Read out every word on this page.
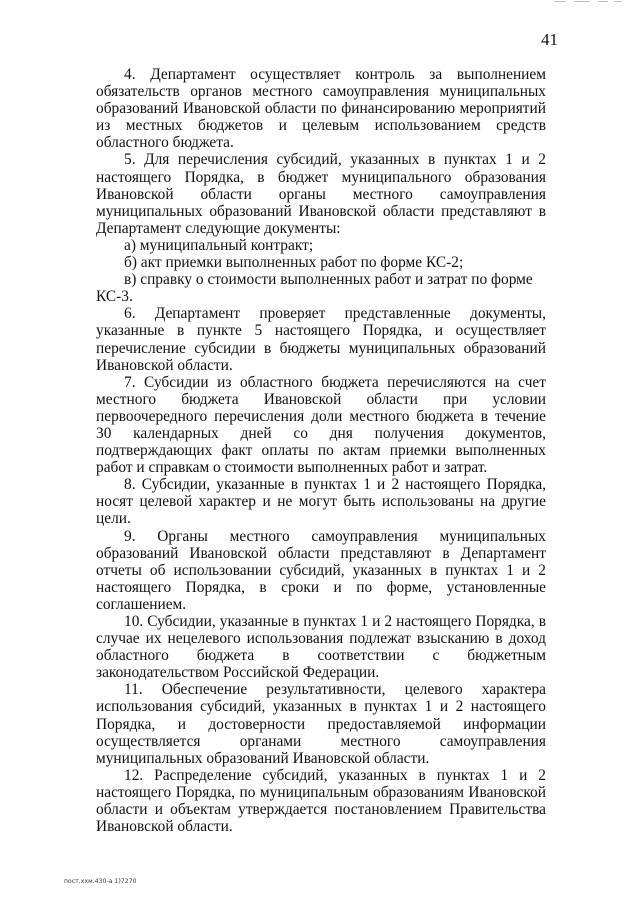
41

4. Департамент осуществляет контроль за выполнением обязательств органов местного самоуправления муниципальных образований Ивановской области по финансированию мероприятий из местных бюджетов и целевым использованием средств областного бюджета.

5. Для перечисления субсидий, указанных в пунктах 1 и 2 настоящего Порядка, в бюджет муниципального образования Ивановской области органы местного самоуправления муниципальных образований Ивановской области представляют в Департамент следующие документы:

а) муниципальный контракт;

б) акт приемки выполненных работ по форме КС-2;

в) справку о стоимости выполненных работ и затрат по форме КС-3.

6. Департамент проверяет представленные документы, указанные в пункте 5 настоящего Порядка, и осуществляет перечисление субсидии в бюджеты муниципальных образований Ивановской области.

7. Субсидии из областного бюджета перечисляются на счет местного бюджета Ивановской области при условии первоочередного перечисления доли местного бюджета в течение 30 календарных дней со дня получения документов, подтверждающих факт оплаты по актам приемки выполненных работ и справкам о стоимости выполненных работ и затрат.

8. Субсидии, указанные в пунктах 1 и 2 настоящего Порядка, носят целевой характер и не могут быть использованы на другие цели.

9. Органы местного самоуправления муниципальных образований Ивановской области представляют в Департамент отчеты об использовании субсидий, указанных в пунктах 1 и 2 настоящего Порядка, в сроки и по форме, установленные соглашением.

10. Субсидии, указанные в пунктах 1 и 2 настоящего Порядка, в случае их нецелевого использования подлежат взысканию в доход областного бюджета в соответствии с бюджетным законодательством Российской Федерации.

11. Обеспечение результативности, целевого характера использования субсидий, указанных в пунктах 1 и 2 настоящего Порядка, и достоверности предоставляемой информации осуществляется органами местного самоуправления муниципальных образований Ивановской области.

12. Распределение субсидий, указанных в пунктах 1 и 2 настоящего Порядка, по муниципальным образованиям Ивановской области и объектам утверждается постановлением Правительства Ивановской области.

пост.ххм.430-а 1)7270
